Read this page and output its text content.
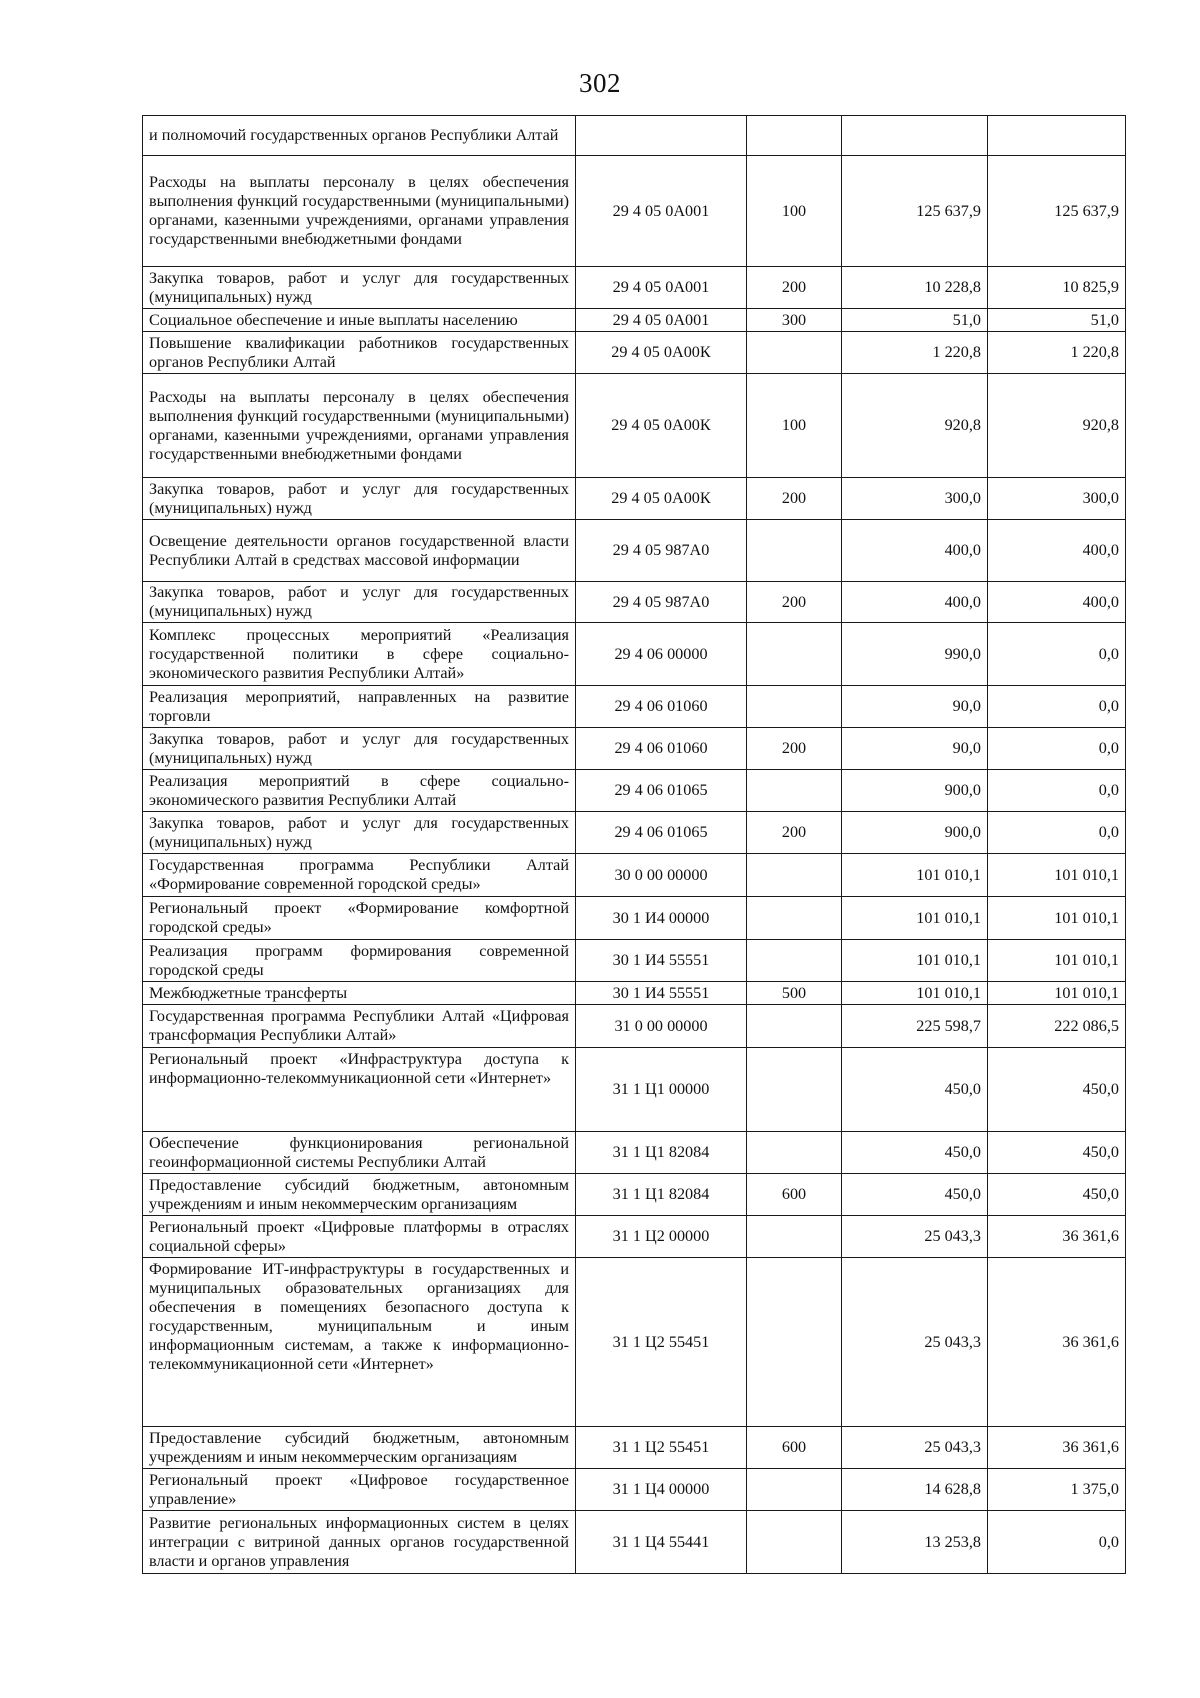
302
и полномочий государственных органов Республики Алтай				

Расходы на выплаты персоналу в целях обеспечения выполнения функций государственными (муниципальными) органами, казенными учреждениями, органами управления государственными внебюджетными фондами	29 4 05 0А001	100	125 637,9	125 637,9

Закупка товаров, работ и услуг для государственных (муниципальных) нужд	29 4 05 0А001	200	10 228,8	10 825,9

Социальное обеспечение и иные выплаты населению	29 4 05 0А001	300	51,0	51,0

Повышение квалификации работников государственных органов Республики Алтай	29 4 05 0А00К		1 220,8	1 220,8

Расходы на выплаты персоналу в целях обеспечения выполнения функций государственными (муниципальными) органами, казенными учреждениями, органами управления государственными внебюджетными фондами	29 4 05 0А00К	100	920,8	920,8

Закупка товаров, работ и услуг для государственных (муниципальных) нужд	29 4 05 0А00К	200	300,0	300,0

Освещение деятельности органов государственной власти Республики Алтай в средствах массовой информации	29 4 05 987А0		400,0	400,0

Закупка товаров, работ и услуг для государственных (муниципальных) нужд	29 4 05 987А0	200	400,0	400,0

Комплекс процессных мероприятий «Реализация государственной политики в сфере социально-экономического развития Республики Алтай»	29 4 06 00000		990,0	0,0

Реализация мероприятий, направленных на развитие торговли	29 4 06 01060		90,0	0,0

Закупка товаров, работ и услуг для государственных (муниципальных) нужд	29 4 06 01060	200	90,0	0,0

Реализация мероприятий в сфере социально-экономического развития Республики Алтай	29 4 06 01065		900,0	0,0

Закупка товаров, работ и услуг для государственных (муниципальных) нужд	29 4 06 01065	200	900,0	0,0

Государственная программа Республики Алтай «Формирование современной городской среды»	30 0 00 00000		101 010,1	101 010,1

Региональный проект «Формирование комфортной городской среды»	30 1 И4 00000		101 010,1	101 010,1

Реализация программ формирования современной городской среды	30 1 И4 55551		101 010,1	101 010,1

Межбюджетные трансферты	30 1 И4 55551	500	101 010,1	101 010,1

Государственная программа Республики Алтай «Цифровая трансформация Республики Алтай»	31 0 00 00000		225 598,7	222 086,5

Региональный проект «Инфраструктура доступа к информационно-телекоммуникационной сети «Интернет»	31 1 Ц1 00000		450,0	450,0

Обеспечение функционирования региональной геоинформационной системы Республики Алтай	31 1 Ц1 82084		450,0	450,0

Предоставление субсидий бюджетным, автономным учреждениям и иным некоммерческим организациям	31 1 Ц1 82084	600	450,0	450,0

Региональный проект «Цифровые платформы в отраслях социальной сферы»	31 1 Ц2 00000		25 043,3	36 361,6

Формирование ИТ-инфраструктуры в государственных и муниципальных образовательных организациях для обеспечения в помещениях безопасного доступа к государственным, муниципальным и иным информационным системам, а также к информационно-телекоммуникационной сети «Интернет»	31 1 Ц2 55451		25 043,3	36 361,6

Предоставление субсидий бюджетным, автономным учреждениям и иным некоммерческим организациям	31 1 Ц2 55451	600	25 043,3	36 361,6

Региональный проект «Цифровое государственное управление»	31 1 Ц4 00000		14 628,8	1 375,0

Развитие региональных информационных систем в целях интеграции с витриной данных органов государственной власти и органов управления	31 1 Ц4 55441		13 253,8	0,0
